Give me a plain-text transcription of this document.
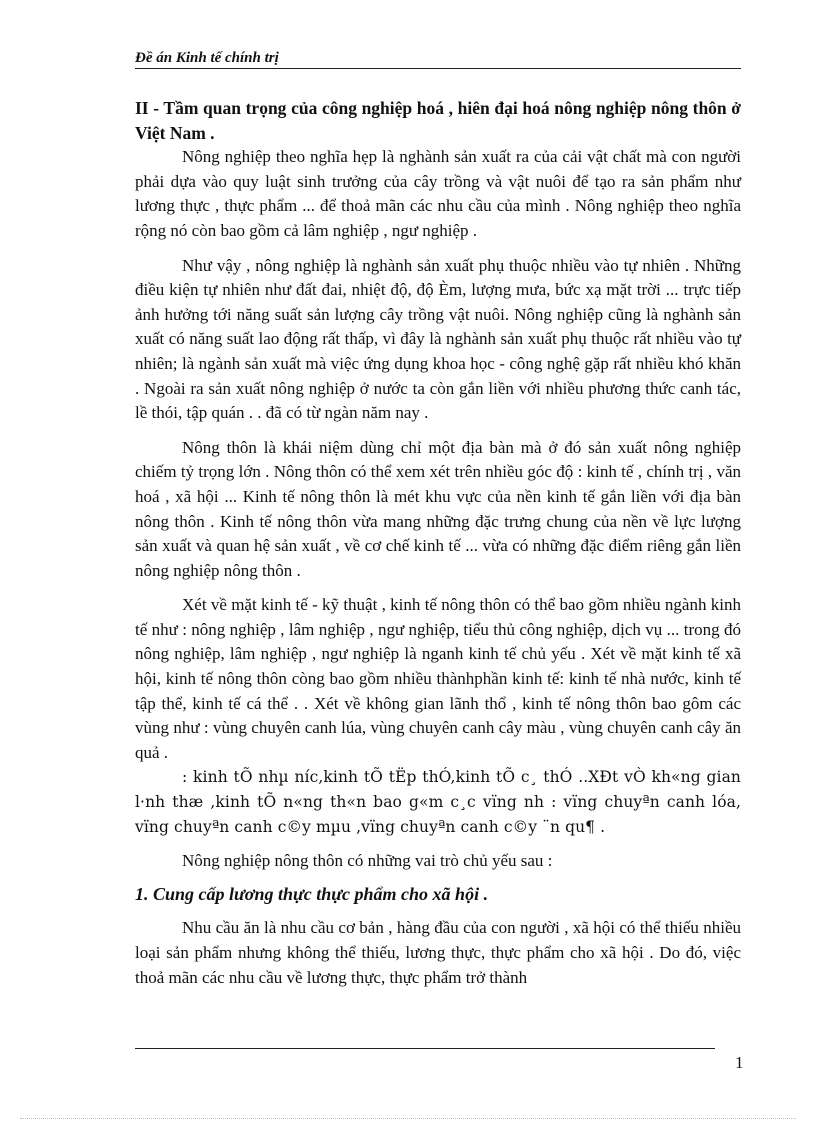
Đề án Kinh tế chính trị

II - Tầm quan trọng của công nghiệp hoá , hiên đại hoá nông nghiệp nông thôn ở Việt Nam .

Nông nghiệp theo nghĩa hẹp là nghành sản xuất ra của cải vật chất mà con người phải dựa vào quy luật sinh trưởng của cây trồng và vật nuôi để tạo ra sản phẩm như lương thực , thực phẩm ... để thoả mãn các nhu cầu của mình . Nông nghiệp theo nghĩa rộng nó còn bao gồm cả lâm nghiệp , ngư nghiệp .

Như vậy , nông nghiệp là nghành sản xuất phụ thuộc nhiều vào tự nhiên . Những điều kiện tự nhiên như đất đai, nhiệt độ, độ Èm, lượng mưa, bức xạ mặt trời ... trực tiếp ảnh hưởng tới năng suất sản lượng cây trồng vật nuôi. Nông nghiệp cũng là nghành sản xuất có năng suất lao động rất thấp, vì đây là nghành sản xuất phụ thuộc rất nhiều vào tự nhiên; là ngành sản xuất mà việc ứng dụng khoa học - công nghệ gặp rất nhiều khó khăn . Ngoài ra sản xuất nông nghiệp ở nước ta còn gắn liền với nhiều phương thức canh tác, lề thói, tập quán . . đã có từ ngàn năm nay .

Nông thôn là khái niệm dùng chỉ một địa bàn mà ở đó sản xuất nông nghiệp chiếm tỷ trọng lớn . Nông thôn có thể xem xét trên nhiều góc độ : kinh tế , chính trị , văn hoá , xã hội ... Kinh tế nông thôn là mét khu vực của nền kinh tế gắn liền với địa bàn nông thôn . Kinh tế nông thôn vừa mang những đặc trưng chung của nền về lực lượng sản xuất và quan hệ sản xuất , về cơ chế kinh tế ... vừa có những đặc điểm riêng gắn liền nông nghiệp nông thôn .

Xét về mặt kinh tế - kỹ thuật , kinh tế nông thôn có thể bao gồm nhiều ngành kinh tế như : nông nghiệp , lâm nghiệp , ngư nghiệp, tiểu thủ công nghiệp, dịch vụ ... trong đó nông nghiệp, lâm nghiệp , ngư nghiệp là nganh kinh tế chủ yếu . Xét về mặt kinh tế xã hội, kinh tế nông thôn còng bao gồm nhiều thànhphần kinh tế: kinh tế nhà nước, kinh tế tập thể, kinh tế cá thể . . Xét về không gian lãnh thổ , kinh tế nông thôn bao gôm các vùng như : vùng chuyên canh lúa, vùng chuyên canh cây màu , vùng chuyên canh cây ăn quả .

: kinh tÕ nhµ níc,kinh tÕ tËp thÓ,kinh tÕ c¸ thÓ ..XÐt vÒ kh«ng gian l·nh thæ ,kinh tÕ n«ng th«n bao g«m c¸c vïng nh : vïng chuyªn canh lóa, vïng chuyªn canh c©y mµu ,vïng chuyªn canh c©y ¨n qu¶ .

Nông nghiệp nông thôn có những vai trò chủ yếu sau :

1. Cung cấp lương thực thực phẩm cho xã hội .

Nhu cầu ăn là nhu cầu cơ bản , hàng đầu của con người , xã hội có thể thiếu nhiều loại sản phẩm nhưng không thể thiếu, lương thực, thực phẩm cho xã hội . Do đó, việc thoả mãn các nhu cầu về lương thực, thực phẩm trở thành

1
